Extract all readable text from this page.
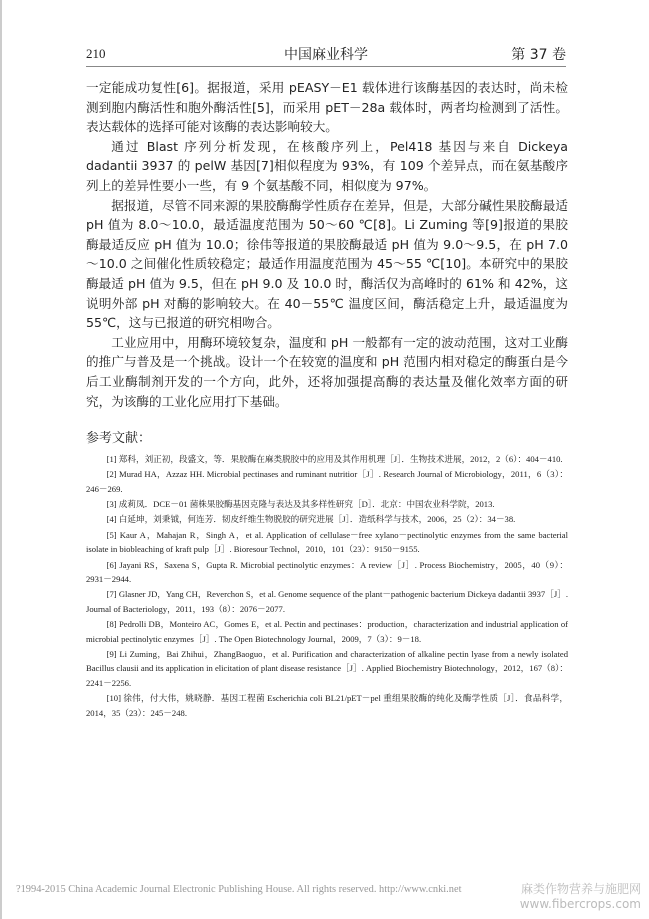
210	中国麻业科学	第 37 卷

一定能成功复性[6]。据报道，采用 pEASY－E1 载体进行该酶基因的表达时，尚未检测到胞内酶活性和胞外酶活性[5]，而采用 pET－28a 载体时，两者均检测到了活性。表达载体的选择可能对该酶的表达影响较大。

通过 Blast 序列分析发现，在核酸序列上，Pel418 基因与来自 Dickeya dadantii 3937 的 pelW 基因[7]相似程度为 93%，有 109 个差异点，而在氨基酸序列上的差异性要小一些，有 9 个氨基酸不同，相似度为 97%。

据报道，尽管不同来源的果胶酶酶学性质存在差异，但是，大部分碱性果胶酶最适 pH 值为 8.0～10.0，最适温度范围为 50～60 ℃[8]。Li Zuming 等[9]报道的果胶酶最适反应 pH 值为 10.0；徐伟等报道的果胶酶最适 pH 值为 9.0～9.5，在 pH 7.0～10.0 之间催化性质较稳定；最适作用温度范围为 45～55 ℃[10]。本研究中的果胶酶最适 pH 值为 9.5，但在 pH 9.0 及 10.0 时，酶活仅为高峰时的 61% 和 42%，这说明外部 pH 对酶的影响较大。在 40－55℃ 温度区间，酶活稳定上升，最适温度为 55℃，这与已报道的研究相吻合。

工业应用中，用酶环境较复杂，温度和 pH 一般都有一定的波动范围，这对工业酶的推广与普及是一个挑战。设计一个在较宽的温度和 pH 范围内相对稳定的酶蛋白是今后工业酶制剂开发的一个方向，此外，还将加强提高酶的表达量及催化效率方面的研究，为该酶的工业化应用打下基础。

参考文献：
[1] 郑科，刘正初，段盛文，等．果胶酶在麻类脱胶中的应用及其作用机理［J］．生物技术进展，2012，2（6）：404－410.
[2] Murad HA，Azzaz HH. Microbial pectinases and ruminant nutritior［J］. Research Journal of Microbiology，2011，6（3）：246－269.
[3] 成莉凤．DCE－01 菌株果胶酶基因克隆与表达及其多样性研究［D］．北京：中国农业科学院，2013.
[4] 白延坤，刘秉钺，何连芳．韧皮纤维生物脱胶的研究进展［J］．造纸科学与技术，2006，25（2）：34－38.
[5] Kaur A，Mahajan R，Singh A，et al. Application of cellulase－free xylano－pectinolytic enzymes from the same bacterial isolate in biobleaching of kraft pulp［J］. Bioresour Technol，2010，101（23）：9150－9155.
[6] Jayani RS，Saxena S，Gupta R. Microbial pectinolytic enzymes：A review［J］. Process Biochemistry，2005，40（9）：2931－2944.
[7] Glasner JD，Yang CH，Reverchon S，et al. Genome sequence of the plant－pathogenic bacterium Dickeya dadantii 3937［J］. Journal of Bacteriology，2011，193（8）：2076－2077.
[8] Pedrolli DB，Monteiro AC，Gomes E，et al. Pectin and pectinases：production，characterization and industrial application of microbial pectinolytic enzymes［J］. The Open Biotechnology Journal，2009，7（3）：9－18.
[9] Li Zuming，Bai Zhihui，ZhangBaoguo，et al. Purification and characterization of alkaline pectin lyase from a newly isolated Bacillus clausii and its application in elicitation of plant disease resistance［J］. Applied Biochemistry Biotechnology，2012，167（8）：2241－2256.
[10] 徐伟，付大伟，姚晓静．基因工程菌 Escherichia coli BL21/pET－pel 重组果胶酶的纯化及酶学性质［J］．食品科学，2014，35（23）：245－248.
?1994-2015 China Academic Journal Electronic Publishing House. All rights reserved. http://www.cnki.net	麻类作物营养与施肥网
www.fibercrops.com
